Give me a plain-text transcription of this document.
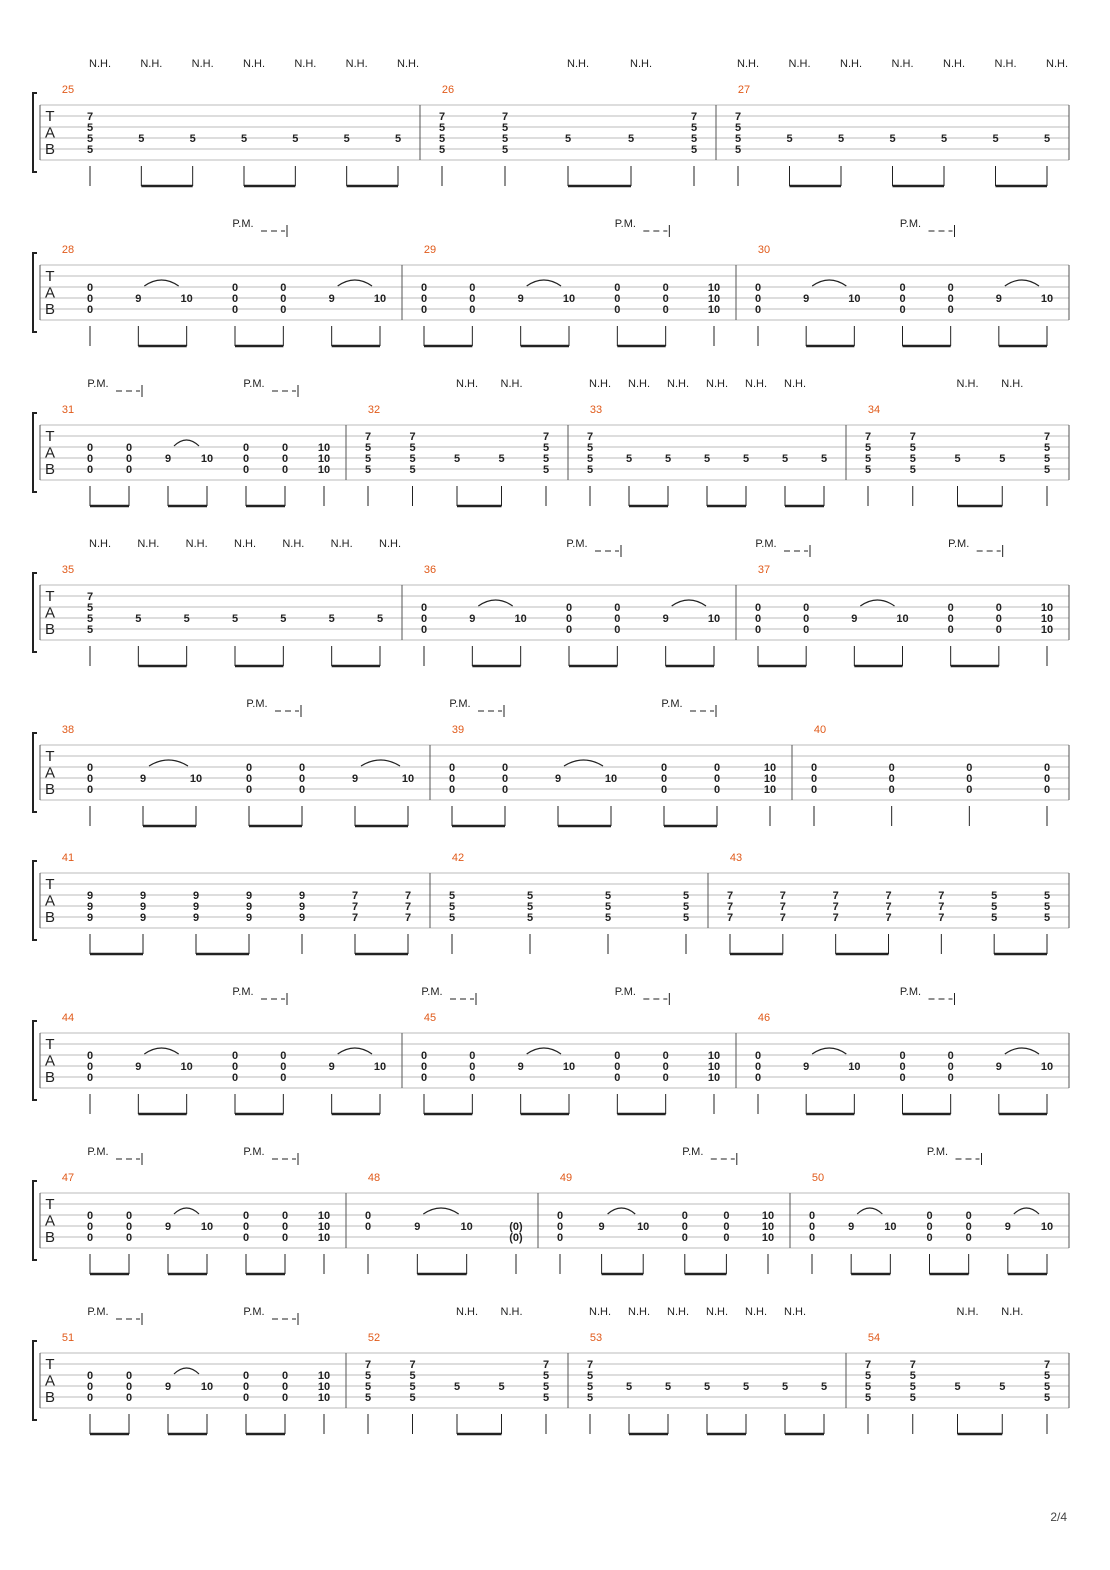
T
A
B
25
7
5
5
5
N.H.
5
N.H.
5
N.H.
5
N.H.
5
N.H.
5
N.H.
5
N.H.
26
7
5
5
5
7
5
5
5
5
N.H.
5
N.H.
7
5
5
5
27
7
5
5
5
N.H.
5
N.H.
5
N.H.
5
N.H.
5
N.H.
5
N.H.
5
N.H.
T
A
B
28
0
0
0
9	10
0
0
0
P.M.
0
0
0
9	10
29
0
0
0
0
0
0
9	10
0
0
0
P.M.
0
0
0
10
10
10
30
0
0
0
9	10
0
0
0
P.M.
0
0
0
9	10
T
A
B
31
0
0
0
P.M.
0
0
0
9	10
0
0
0
P.M.
0
0
0
10
10
10
32
7
5
5
5
7
5
5
5
5
N.H.
5
N.H.
7
5
5
5
33
7
5
5
5
N.H.
5
N.H.
5
N.H.
5
N.H.
5
N.H.
5
N.H.
5
34
7
5
5
5
7
5
5
5
5
N.H.
5
N.H.
7
5
5
5
T
A
B
35
7
5
5
5
N.H.
5
N.H.
5
N.H.
5
N.H.
5
N.H.
5
N.H.
5
N.H.
36
0
0
0
9	10
0
0
0
P.M.
0
0
0
9	10
37
0
0
0
P.M.
0
0
0
9	10
0
0
0
P.M.
0
0
0
10
10
10
T
A
B
38
0
0
0
9	10
0
0
0
P.M.
0
0
0
9	10
39
0
0
0
P.M.
0
0
0
9	10
0
0
0
P.M.
0
0
0
10
10
10
40
0
0
0
0
0
0
0
0
0
0
0
0
T
A
B
41
9
9
9
9
9
9
9
9
9
9
9
9
9
9
9
7
7
7
7
7
7
42
5
5
5
5
5
5
5
5
5
5
5
5
43
7
7
7
7
7
7
7
7
7
7
7
7
7
7
7
5
5
5
5
5
5
T
A
B
44
0
0
0
9	10
0
0
0
P.M.
0
0
0
9	10
45
0
0
0
P.M.
0
0
0
9	10
0
0
0
P.M.
0
0
0
10
10
10
46
0
0
0
9	10
0
0
0
P.M.
0
0
0
9	10
T
A
B
47
0
0
0
P.M.
0
0
0
9	10
0
0
0
P.M.
0
0
0
10
10
10
48
0
0	9	10	(0)
(0)
49
0
0
0
9	10
0
0
0
P.M.
0
0
0
10
10
10
50
0
0
0
9	10
0
0
0
P.M.
0
0
0
9	10
T
A
B
51
0
0
0
P.M.
0
0
0
9	10
0
0
0
P.M.
0
0
0
10
10
10
52
7
5
5
5
7
5
5
5
5
N.H.
5
N.H.
7
5
5
5
53
7
5
5
5
N.H.
5
N.H.
5
N.H.
5
N.H.
5
N.H.
5
N.H.
5
54
7
5
5
5
7
5
5
5
5
N.H.
5
N.H.
7
5
5
5
2/4
